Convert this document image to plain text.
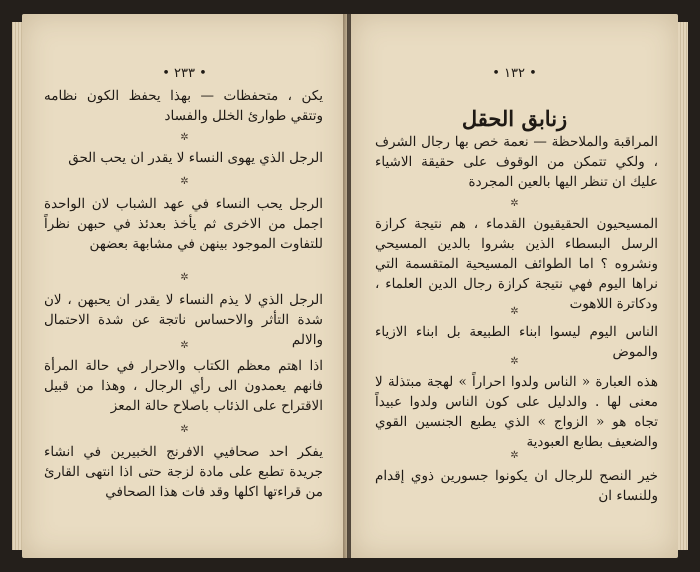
• ٢٣٣ •
يكن ، متحفظات — بهذا يحفظ الكون نظامه وتتقي طوارئ الخلل والفساد
✲
الرجل الذي يهوى النساء لا يقدر ان يحب الحق
✲
الرجل يحب النساء في عهد الشباب لان الواحدة اجمل من الاخرى ثم يأخذ بعدئذ في حبهن نظراً للتفاوت الموجود بينهن في مشابهة بعضهن
✲
الرجل الذي لا يذم النساء لا يقدر ان يحبهن ، لان شدة التأثر والاحساس ناتجة عن شدة الاحتمال والالم
✲
اذا اهتم معظم الكتاب والاحرار في حالة المرأة فانهم يعمدون الى رأي الرجال ، وهذا من قبيل الاقتراح على الذئاب باصلاح حالة المعز
✲
يفكر احد صحافيي الافرنج الخبيرين في انشاء جريدة تطبع على مادة لزجة حتى اذا انتهى القارئ من قراءتها اكلها وقد فات هذا الصحافي
• ١٣٢ •
زنابق الحقل
المراقبة والملاحظة — نعمة خص بها رجال الشرف ، ولكي تتمكن من الوقوف على حقيقة الاشياء عليك ان تنظر اليها بالعين المجردة
✲
المسيحيون الحقيقيون القدماء ، هم نتيجة كرازة الرسل البسطاء الذين بشروا بالدين المسيحي ونشروه ؟ اما الطوائف المسيحية المتقسمة التي نراها اليوم فهي نتيجة كرازة رجال الدين العلماء ، ودكاترة اللاهوت
✲
الناس اليوم ليسوا ابناء الطبيعة بل ابناء الازياء والموض
✲
هذه العبارة « الناس ولدوا احراراً » لهجة مبتذلة لا معنى لها . والدليل على كون الناس ولدوا عبيداً تجاه هو « الزواج » الذي يطبع الجنسين القوي والضعيف بطابع العبودية
✲
خير النصح للرجال ان يكونوا جسورين ذوي إقدام وللنساء ان
